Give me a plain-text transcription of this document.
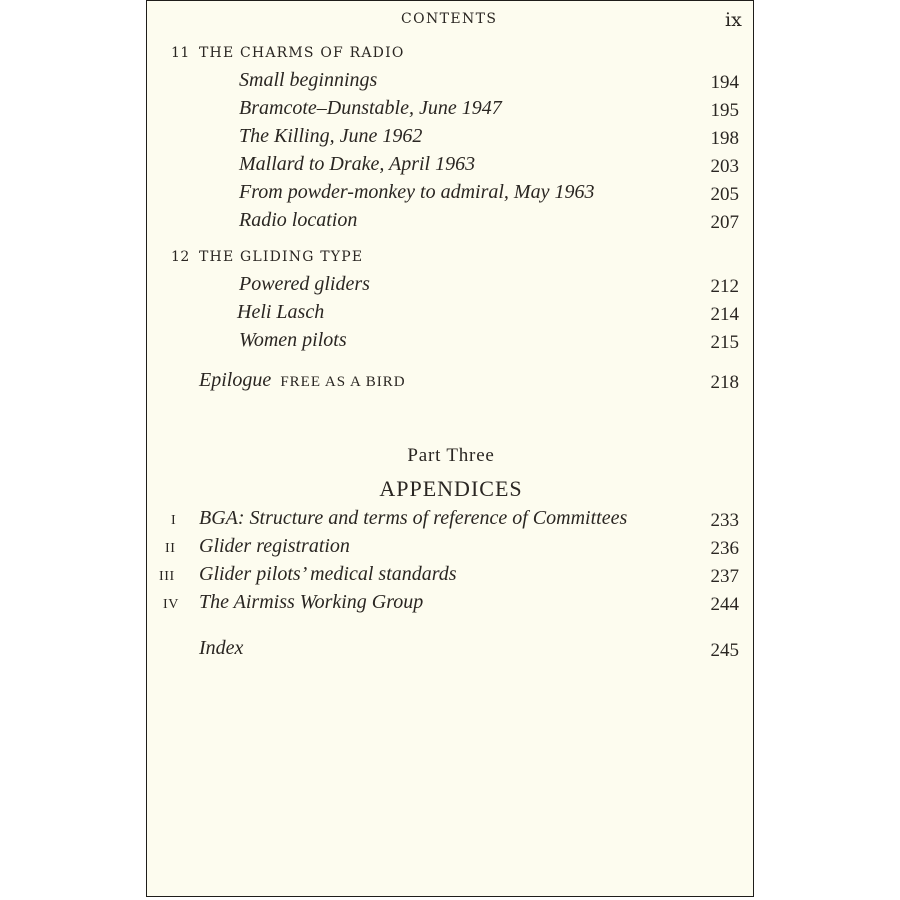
CONTENTS	ix
11 THE CHARMS OF RADIO
Small beginnings	194
Bramcote–Dunstable, June 1947	195
The Killing, June 1962	198
Mallard to Drake, April 1963	203
From powder-monkey to admiral, May 1963	205
Radio location	207
12 THE GLIDING TYPE
Powered gliders	212
Heli Lasch	214
Women pilots	215
Epilogue FREE AS A BIRD	218
Part Three
APPENDICES
I BGA: Structure and terms of reference of Committees	233
II Glider registration	236
III Glider pilots’ medical standards	237
IV The Airmiss Working Group	244
Index	245
